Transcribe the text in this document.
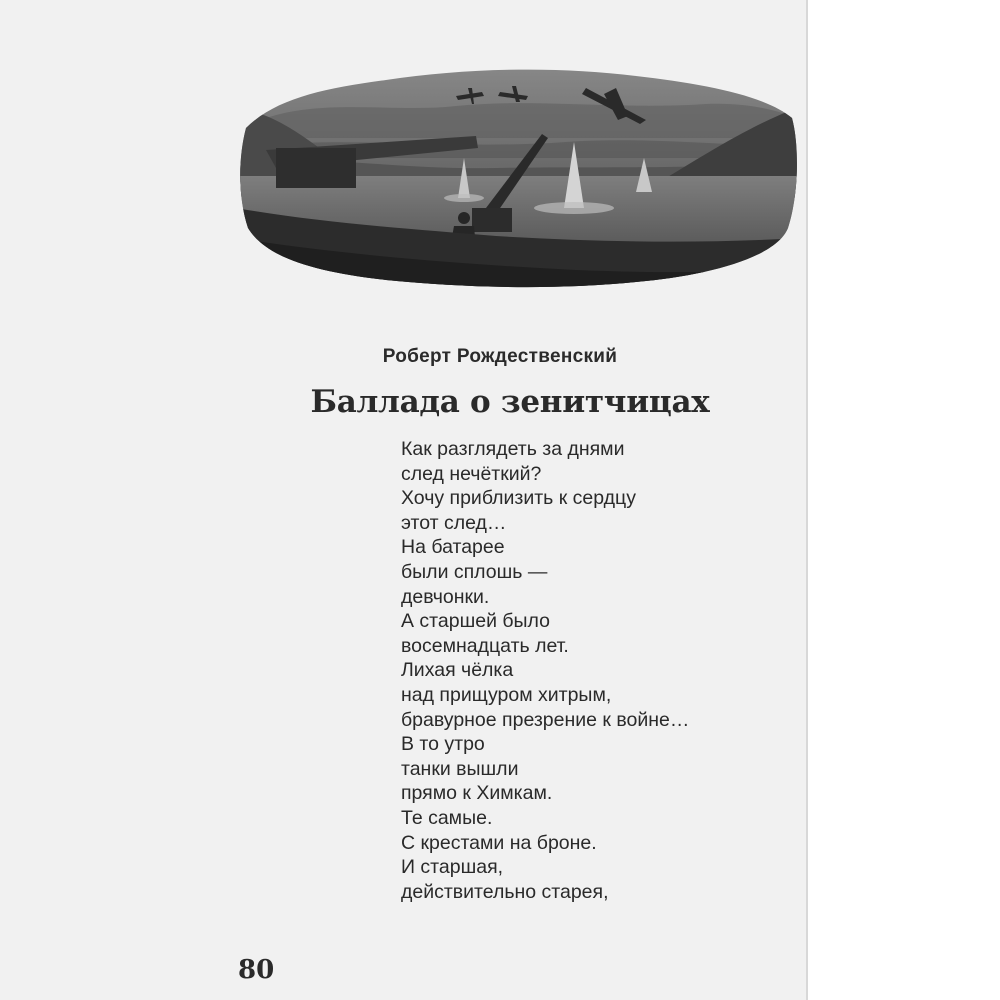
Роберт Рождественский
Баллада о зенитчицах
Как разглядеть за днями
след нечёткий?
Хочу приблизить к сердцу
этот след…
На батарее
были сплошь —
девчонки.
А старшей было
восемнадцать лет.
Лихая чёлка
над прищуром хитрым,
бравурное презрение к войне…
В то утро
танки вышли
прямо к Химкам.
Те самые.
С крестами на броне.
И старшая,
действительно старея,
80
